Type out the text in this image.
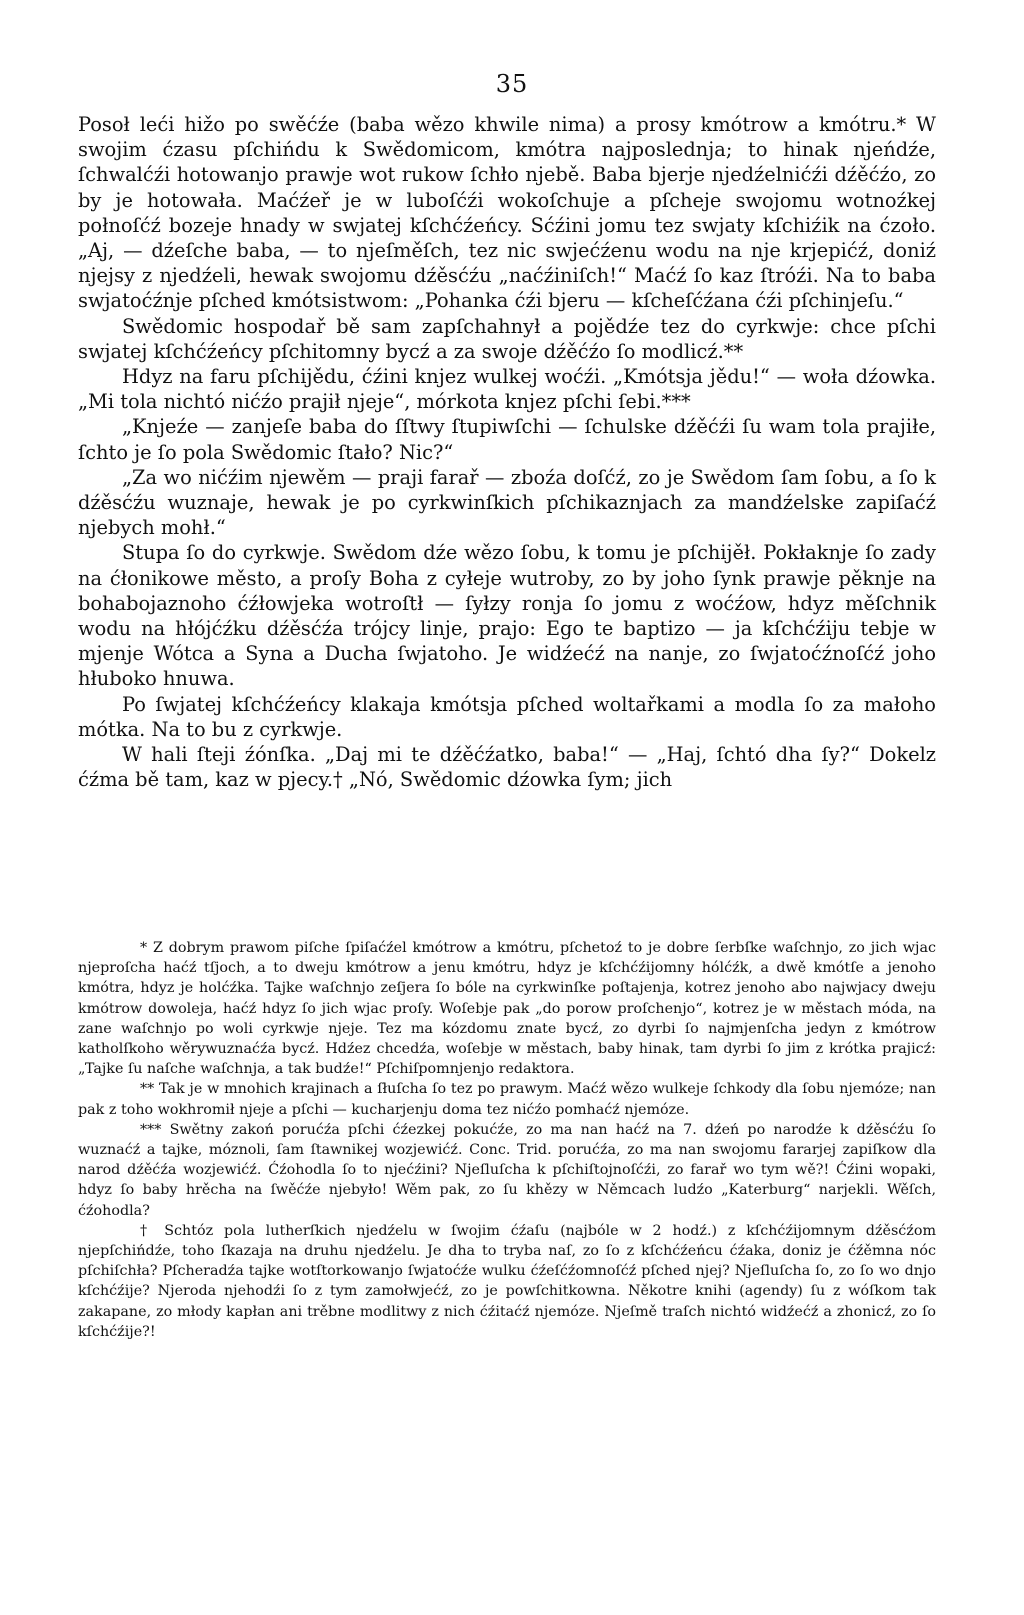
35

Posoł leći hižo po swěćźe (baba wězo khwile nima) a prosy kmótrow a kmótru.* W swojim ćzasu pſchińdu k Swědomicom, kmótra najposlednja; to hinak njeńdźe, ſchwalćźi hotowanjo prawje wot rukow ſchło njebě. Baba bjerje njedźelnićźi dźěćźo, zo by je hotowała. Maćźeř je w luboſćźi wokoſchuje a pſcheje swojomu wotnoźkej połnoſćź bozeje hnady w swjatej kſchćźeńcy. Sćźini jomu tez swjaty kſchiźik na ćzoło. „Aj, — dźeſche baba, — to njeſměſch, tez nic swjećźenu wodu na nje krjepićź, doniź njejsy z njedźeli, hewak swojomu dźěsćźu „naćźiniſch!“ Maćź ſo kaz ſtróźi. Na to baba swjatoćźnje pſched kmótsistwom: „Pohanka ćźi bjeru — kſcheſćźana ćźi pſchinjeſu.“

Swědomic hospodař bě sam zapſchahnył a pojědźe tez do cyrkwje: chce pſchi swjatej kſchćźeńcy pſchitomny bycź a za swoje dźěćźo ſo modlicź.**

Hdyz na faru pſchijědu, ćźini knjez wulkej woćźi. „Kmótsja jědu!“ — woła dźowka. „Mi tola nichtó nićźo prajił njeje“, mórkota knjez pſchi ſebi.***

„Knjeźe — zanjeſe baba do ſſtwy ſtupiwſchi — ſchulske dźěćźi ſu wam tola prajiłe, ſchto je ſo pola Swědomic ſtało? Nic?“

„Za wo nićźim njewěm — praji farař — zboźa doſćź, zo je Swědom ſam ſobu, a ſo k dźěsćźu wuznaje, hewak je po cyrkwinſkich pſchikaznjach za mandźelske zapiſaćź njebych mohł.“

Stupa ſo do cyrkwje. Swědom dźe wězo ſobu, k tomu je pſchijěł. Pokłaknje ſo zady na ćłonikowe město, a proſy Boha z cyłeje wutroby, zo by joho ſynk prawje pěknje na bohabojaznoho ćźłowjeka wotroſtł — ſyłzy ronja ſo jomu z woćźow, hdyz měſchnik wodu na hłójćźku dźěsćźa trójcy linje, prajo: Ego te baptizo — ja kſchćźiju tebje w mjenje Wótca a Syna a Ducha ſwjatoho. Je widźećź na nanje, zo ſwjatoćźnoſćź joho hłuboko hnuwa.

Po ſwjatej kſchćźeńcy klakaja kmótsja pſched woltařkami a modla ſo za małoho mótka. Na to bu z cyrkwje.

W hali ſteji źónſka. „Daj mi te dźěćźatko, baba!“ — „Haj, ſchtó dha ſy?“ Dokelz ćźma bě tam, kaz w pjecy.† „Nó, Swědomic dźowka ſym; jich

* Z dobrym prawom piſche ſpiſaćźel kmótrow a kmótru, pſchetoź to je dobre ſerbſke waſchnjo, zo jich wjac njeproſcha haćź tſjoch, a to dweju kmótrow a jenu kmótru, hdyz je kſchćźijomny hólćźk, a dwě kmótſe a jenoho kmótra, hdyz je holćźka. Tajke waſchnjo zeſjera ſo bóle na cyrkwinſke poſtajenja, kotrez jenoho abo najwjacy dweju kmótrow dowoleja, haćź hdyz ſo jich wjac proſy. Woſebje pak „do porow proſchenjo“, kotrez je w městach móda, na zane waſchnjo po woli cyrkwje njeje. Tez ma kózdomu znate bycź, zo dyrbi ſo najmjenſcha jedyn z kmótrow katholſkoho wěrywuznaćźa bycź. Hdźez chcedźa, woſebje w městach, baby hinak, tam dyrbi ſo jim z krótka prajicź: „Tajke ſu naſche waſchnja, a tak budźe!“ Pſchiſpomnjenjo redaktora.

** Tak je w mnohich krajinach a ſłuſcha ſo tez po prawym. Maćź wězo wulkeje ſchkody dla ſobu njemóze; nan pak z toho wokhromił njeje a pſchi — kucharjenju doma tez nićźo pomhaćź njemóze.

*** Swětny zakoń porućźa pſchi ćźezkej pokućźe, zo ma nan haćź na 7. dźeń po narodźe k dźěsćźu ſo wuznaćź a tajke, móznoli, ſam ſtawnikej wozjewićź. Conc. Trid. porućźa, zo ma nan swojomu fararjej zapiſkow dla narod dźěćźa wozjewićź. Ćźohodla ſo to njećźini? Njeſluſcha k pſchiſtojnoſćźi, zo farař wo tym wě?! Ćźini wopaki, hdyz ſo baby hrěcha na ſwěćźe njebyło! Wěm pak, zo ſu khězy w Němcach ludźo „Katerburg“ narjekli. Wěſch, ćźohodla?

† Schtóz pola lutherſkich njedźelu w ſwojim ćźaſu (najbóle w 2 hodź.) z kſchćźijomnym dźěsćźom njepſchińdźe, toho ſkazaja na druhu njedźelu. Je dha to tryba naſ, zo ſo z kſchćźeńcu ćźaka, doniz je ćźěmna nóc pſchiſchła? Pſcheradźa tajke wotſtorkowanjo ſwjatoćźe wulku ćźeſćźomnoſćź pſched njej? Njeſluſcha ſo, zo ſo wo dnjo kſchćźije? Njeroda njehodźi ſo z tym zamołwjećź, zo je powſchitkowna. Někotre knihi (agendy) ſu z wóſkom tak zakapane, zo młody kapłan ani trěbne modlitwy z nich ćźitaćź njemóze. Njeſmě traſch nichtó widźećź a zhonicź, zo ſo kſchćźije?!
